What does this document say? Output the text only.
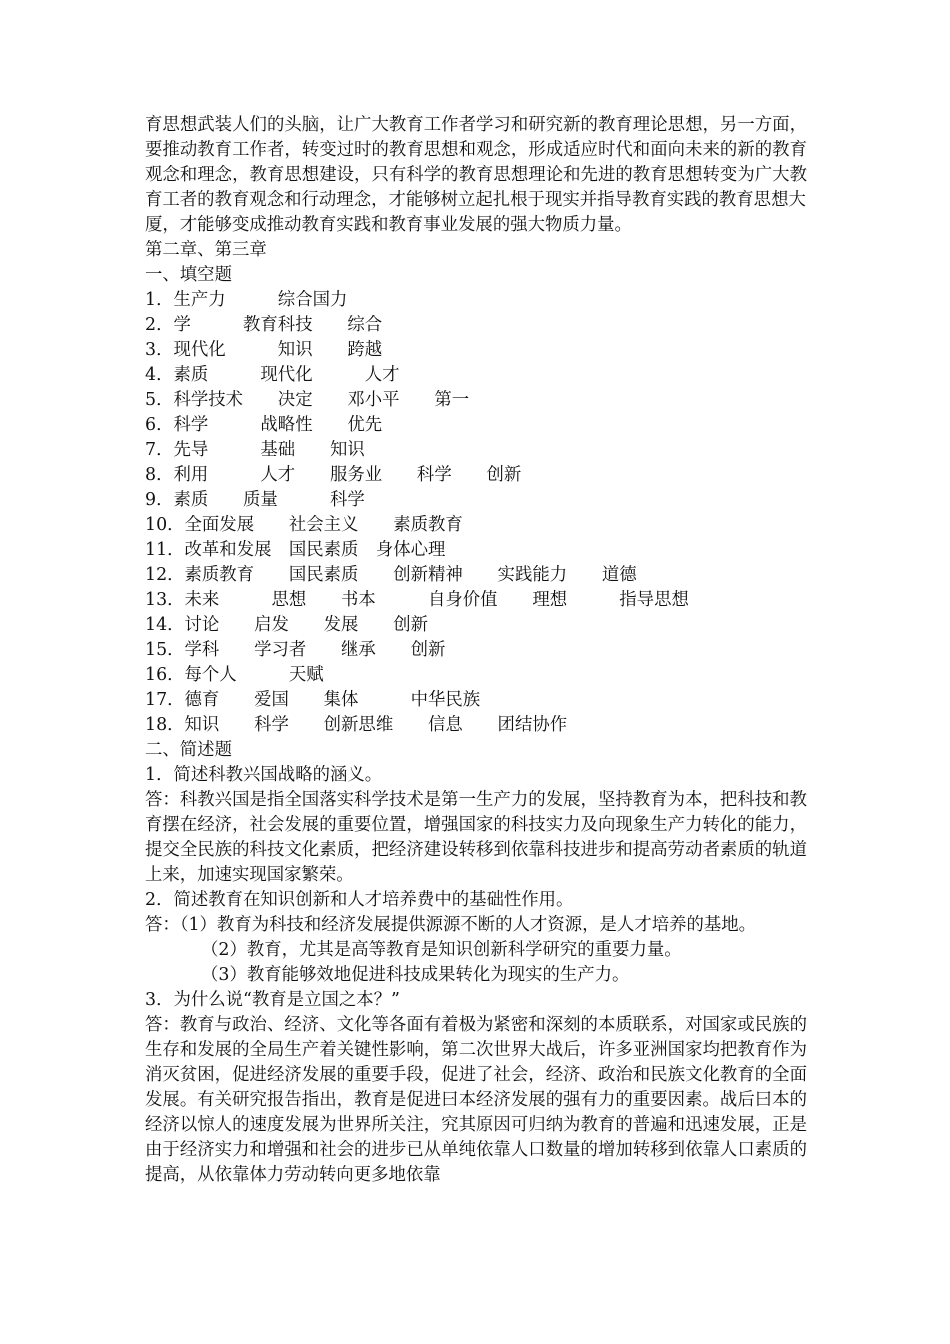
育思想武装人们的头脑，让广大教育工作者学习和研究新的教育理论思想，另一方面，要推动教育工作者，转变过时的教育思想和观念，形成适应时代和面向未来的新的教育观念和理念，教育思想建设，只有科学的教育思想理论和先进的教育思想转变为广大教育工者的教育观念和行动理念，才能够树立起扎根于现实并指导教育实践的教育思想大

厦，才能够变成推动教育实践和教育事业发展的强大物质力量。

第二章、第三章

一、填空题

1．生产力　　　综合国力

2．学　　　教育科技　　综合

3．现代化　　　知识　　跨越

4．素质　　　现代化　　　人才

5．科学技术　　决定　　邓小平　　第一

6．科学　　　战略性　　优先

7．先导　　　基础　　知识

8．利用　　　人才　　服务业　　科学　　创新

9．素质　　质量　　　科学

10．全面发展　　社会主义　　素质教育

11．改革和发展　国民素质　身体心理

12．素质教育　　国民素质　　创新精神　　实践能力　　道德

13．未来　　　思想　　书本　　　自身价值　　理想　　　指导思想

14．讨论　　启发　　发展　　创新

15．学科　　学习者　　继承　　创新

16．每个人　　　天赋

17．德育　　爱国　　集体　　　中华民族

18．知识　　科学　　创新思维　　信息　　团结协作

二、简述题

1．简述科教兴国战略的涵义。

答：科教兴国是指全国落实科学技术是第一生产力的发展，坚持教育为本，把科技和教育摆在经济，社会发展的重要位置，增强国家的科技实力及向现象生产力转化的能力，提交全民族的科技文化素质，把经济建设转移到依靠科技进步和提高劳动者素质的轨道上来，加速实现国家繁荣。

2．简述教育在知识创新和人才培养费中的基础性作用。

答：（1）教育为科技和经济发展提供源源不断的人才资源，是人才培养的基地。

（2）教育，尤其是高等教育是知识创新科学研究的重要力量。

（3）教育能够效地促进科技成果转化为现实的生产力。

3．为什么说“教育是立国之本？”

答：教育与政治、经济、文化等各面有着极为紧密和深刻的本质联系，对国家或民族的生存和发展的全局生产着关键性影响，第二次世界大战后，许多亚洲国家均把教育作为消灭贫困，促进经济发展的重要手段，促进了社会，经济、政治和民族文化教育的全面发展。有关研究报告指出，教育是促进曰本经济发展的强有力的重要因素。战后曰本的经济以惊人的速度发展为世界所关注，究其原因可归纳为教育的普遍和迅速发展，正是由于经济实力和增强和社会的进步已从单纯依靠人口数量的增加转移到依靠人口素质的提高，从依靠体力劳动转向更多地依靠
